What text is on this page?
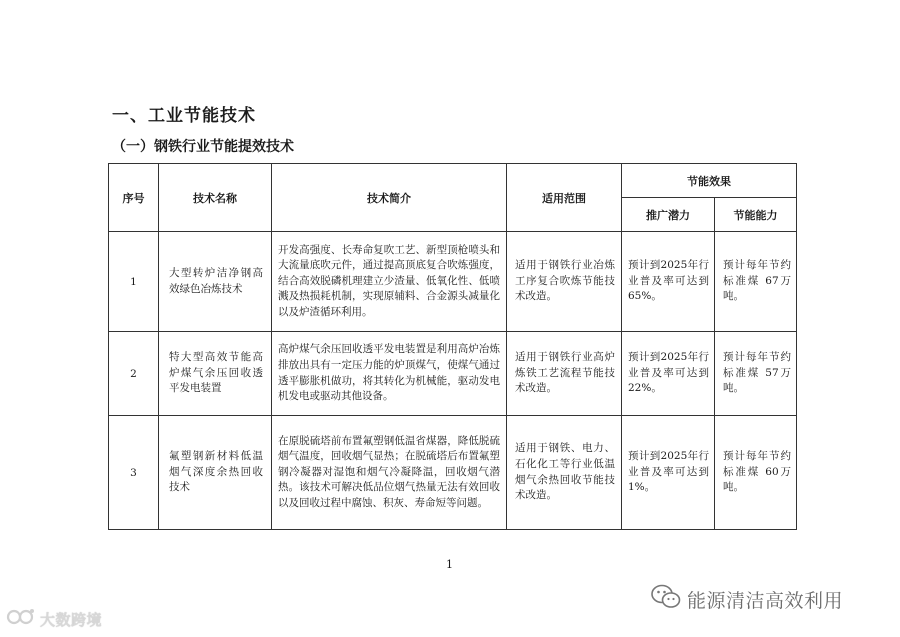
一、工业节能技术
（一）钢铁行业节能提效技术
序号	技术名称	技术简介	适用范围	节能效果	
				推广潜力	节能能力
1	大型转炉洁净钢高效绿色冶炼技术	开发高强度、长寿命复吹工艺、新型顶枪喷头和大流量底吹元件，通过提高顶底复合吹炼强度，结合高效脱磷机理建立少渣量、低氧化性、低喷溅及热损耗机制，实现原辅料、合金源头减量化以及炉渣循环利用。	适用于钢铁行业冶炼工序复合吹炼节能技术改造。	预计到2025年行业普及率可达到65%。	预计每年节约标准煤 67万吨。

2	特大型高效节能高炉煤气余压回收透平发电装置	高炉煤气余压回收透平发电装置是利用高炉冶炼排放出具有一定压力能的炉顶煤气，使煤气通过透平膨胀机做功，将其转化为机械能，驱动发电机发电或驱动其他设备。	适用于钢铁行业高炉炼铁工艺流程节能技术改造。	预计到2025年行业普及率可达到22%。	预计每年节约标准煤 57万吨。

3	氟塑钢新材料低温烟气深度余热回收技术	在原脱硫塔前布置氟塑钢低温省煤器，降低脱硫烟气温度，回收烟气显热；在脱硫塔后布置氟塑钢冷凝器对湿饱和烟气冷凝降温，回收烟气潜热。该技术可解决低品位烟气热量无法有效回收以及回收过程中腐蚀、积灰、寿命短等问题。	适用于钢铁、电力、石化化工等行业低温烟气余热回收节能技术改造。	预计到2025年行业普及率可达到1%。	预计每年节约标准煤 60万吨。
1
能源清洁高效利用
大数跨境
